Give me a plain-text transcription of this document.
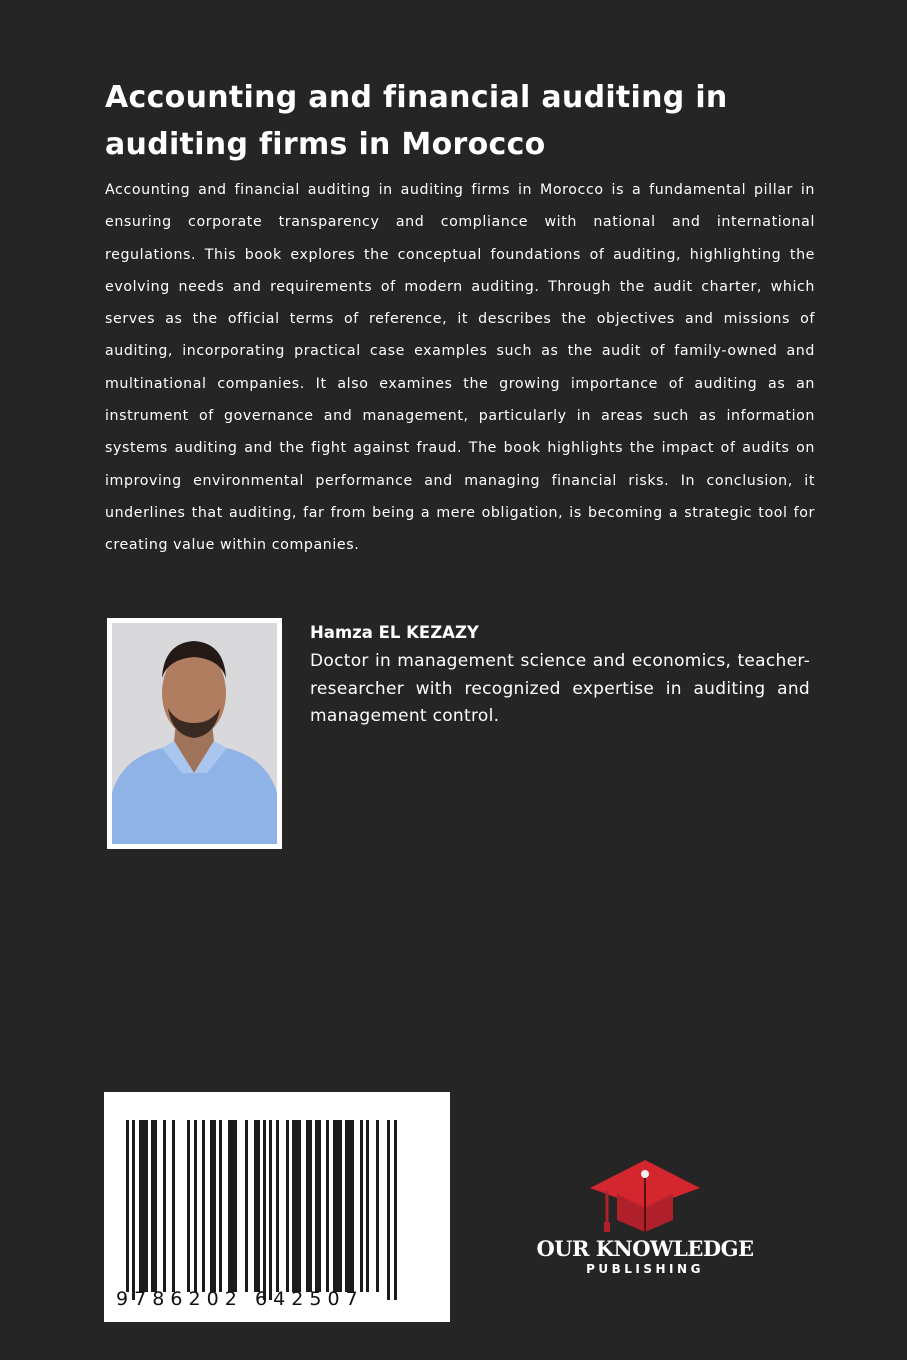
Accounting and financial auditing in auditing firms in Morocco

Accounting and financial auditing in auditing firms in Morocco is a fundamental pillar in ensuring corporate transparency and compliance with national and international regulations. This book explores the conceptual foundations of auditing, highlighting the evolving needs and requirements of modern auditing. Through the audit charter, which serves as the official terms of reference, it describes the objectives and missions of auditing, incorporating practical case examples such as the audit of family-owned and multinational companies. It also examines the growing importance of auditing as an instrument of governance and management, particularly in areas such as information systems auditing and the fight against fraud. The book highlights the impact of audits on improving environmental performance and managing financial risks. In conclusion, it underlines that auditing, far from being a mere obligation, is becoming a strategic tool for creating value within companies.

Hamza EL KEZAZY

Doctor in management science and economics, teacher-researcher with recognized expertise in auditing and management control.

9 7 8 6 2 0 2   6 4 2 5 0 7
OUR KNOWLEDGE
PUBLISHING
